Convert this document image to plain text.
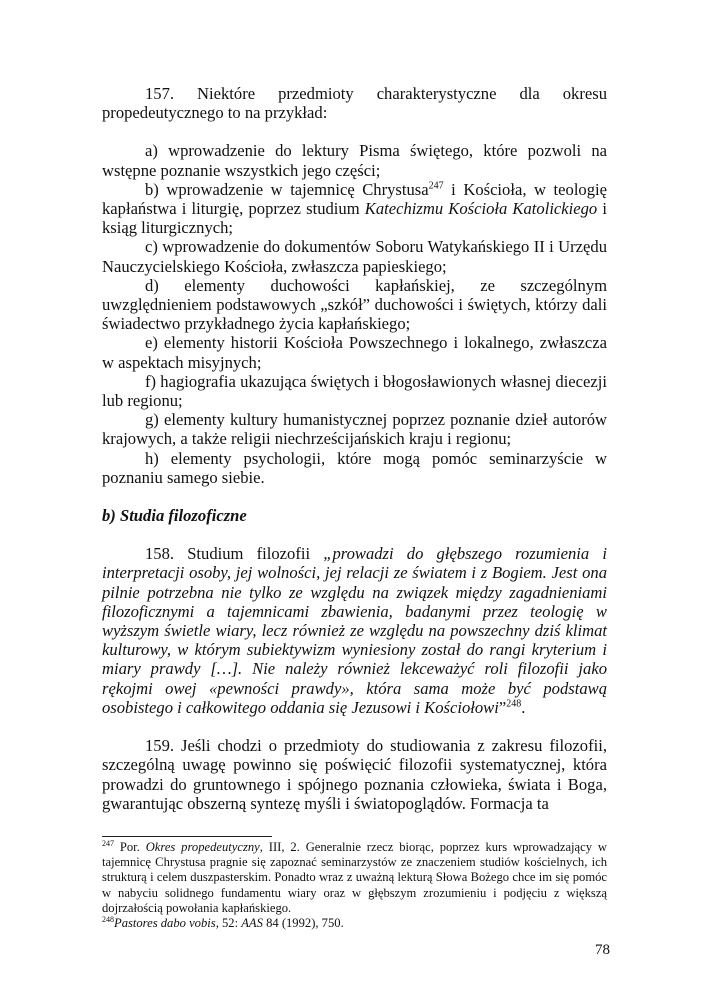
157. Niektóre przedmioty charakterystyczne dla okresu propedeutycznego to na przykład:

a) wprowadzenie do lektury Pisma świętego, które pozwoli na wstępne poznanie wszystkich jego części;

b) wprowadzenie w tajemnicę Chrystusa$^{247}$ i Kościoła, w teologię kapłaństwa i liturgię, poprzez studium Katechizmu Kościoła Katolickiego i ksiąg liturgicznych;

c) wprowadzenie do dokumentów Soboru Watykańskiego II i Urzędu Nauczycielskiego Kościoła, zwłaszcza papieskiego;

d) elementy duchowości kapłańskiej, ze szczególnym uwzględnieniem podstawowych „szkół” duchowości i świętych, którzy dali świadectwo przykładnego życia kapłańskiego;

e) elementy historii Kościoła Powszechnego i lokalnego, zwłaszcza w aspektach misyjnych;

f) hagiografia ukazująca świętych i błogosławionych własnej diecezji lub regionu;

g) elementy kultury humanistycznej poprzez poznanie dzieł autorów krajowych, a także religii niechrześcijańskich kraju i regionu;

h) elementy psychologii, które mogą pomóc seminarzyście w poznaniu samego siebie.

b) Studia filozoficzne

158. Studium filozofii „prowadzi do głębszego rozumienia i interpretacji osoby, jej wolności, jej relacji ze światem i z Bogiem. Jest ona pilnie potrzebna nie tylko ze względu na związek między zagadnieniami filozoficznymi a tajemnicami zbawienia, badanymi przez teologię w wyższym świetle wiary, lecz również ze względu na powszechny dziś klimat kulturowy, w którym subiektywizm wyniesiony został do rangi kryterium i miary prawdy […]. Nie należy również lekceważyć roli filozofii jako rękojmi owej «pewności prawdy», która sama może być podstawą osobistego i całkowitego oddania się Jezusowi i Kościołowi”$^{248}$.

159. Jeśli chodzi o przedmioty do studiowania z zakresu filozofii, szczególną uwagę powinno się poświęcić filozofii systematycznej, która prowadzi do gruntownego i spójnego poznania człowieka, świata i Boga, gwarantując obszerną syntezę myśli i światopoglądów. Formacja ta

$^{247}$ Por. Okres propedeutyczny, III, 2. Generalnie rzecz biorąc, poprzez kurs wprowadzający w tajemnicę Chrystusa pragnie się zapoznać seminarzystów ze znaczeniem studiów kościelnych, ich strukturą i celem duszpasterskim. Ponadto wraz z uważną lekturą Słowa Bożego chce im się pomóc w nabyciu solidnego fundamentu wiary oraz w głębszym zrozumieniu i podjęciu z większą dojrzałością powołania kapłańskiego.

$^{248}$Pastores dabo vobis, 52: AAS 84 (1992), 750.

78
